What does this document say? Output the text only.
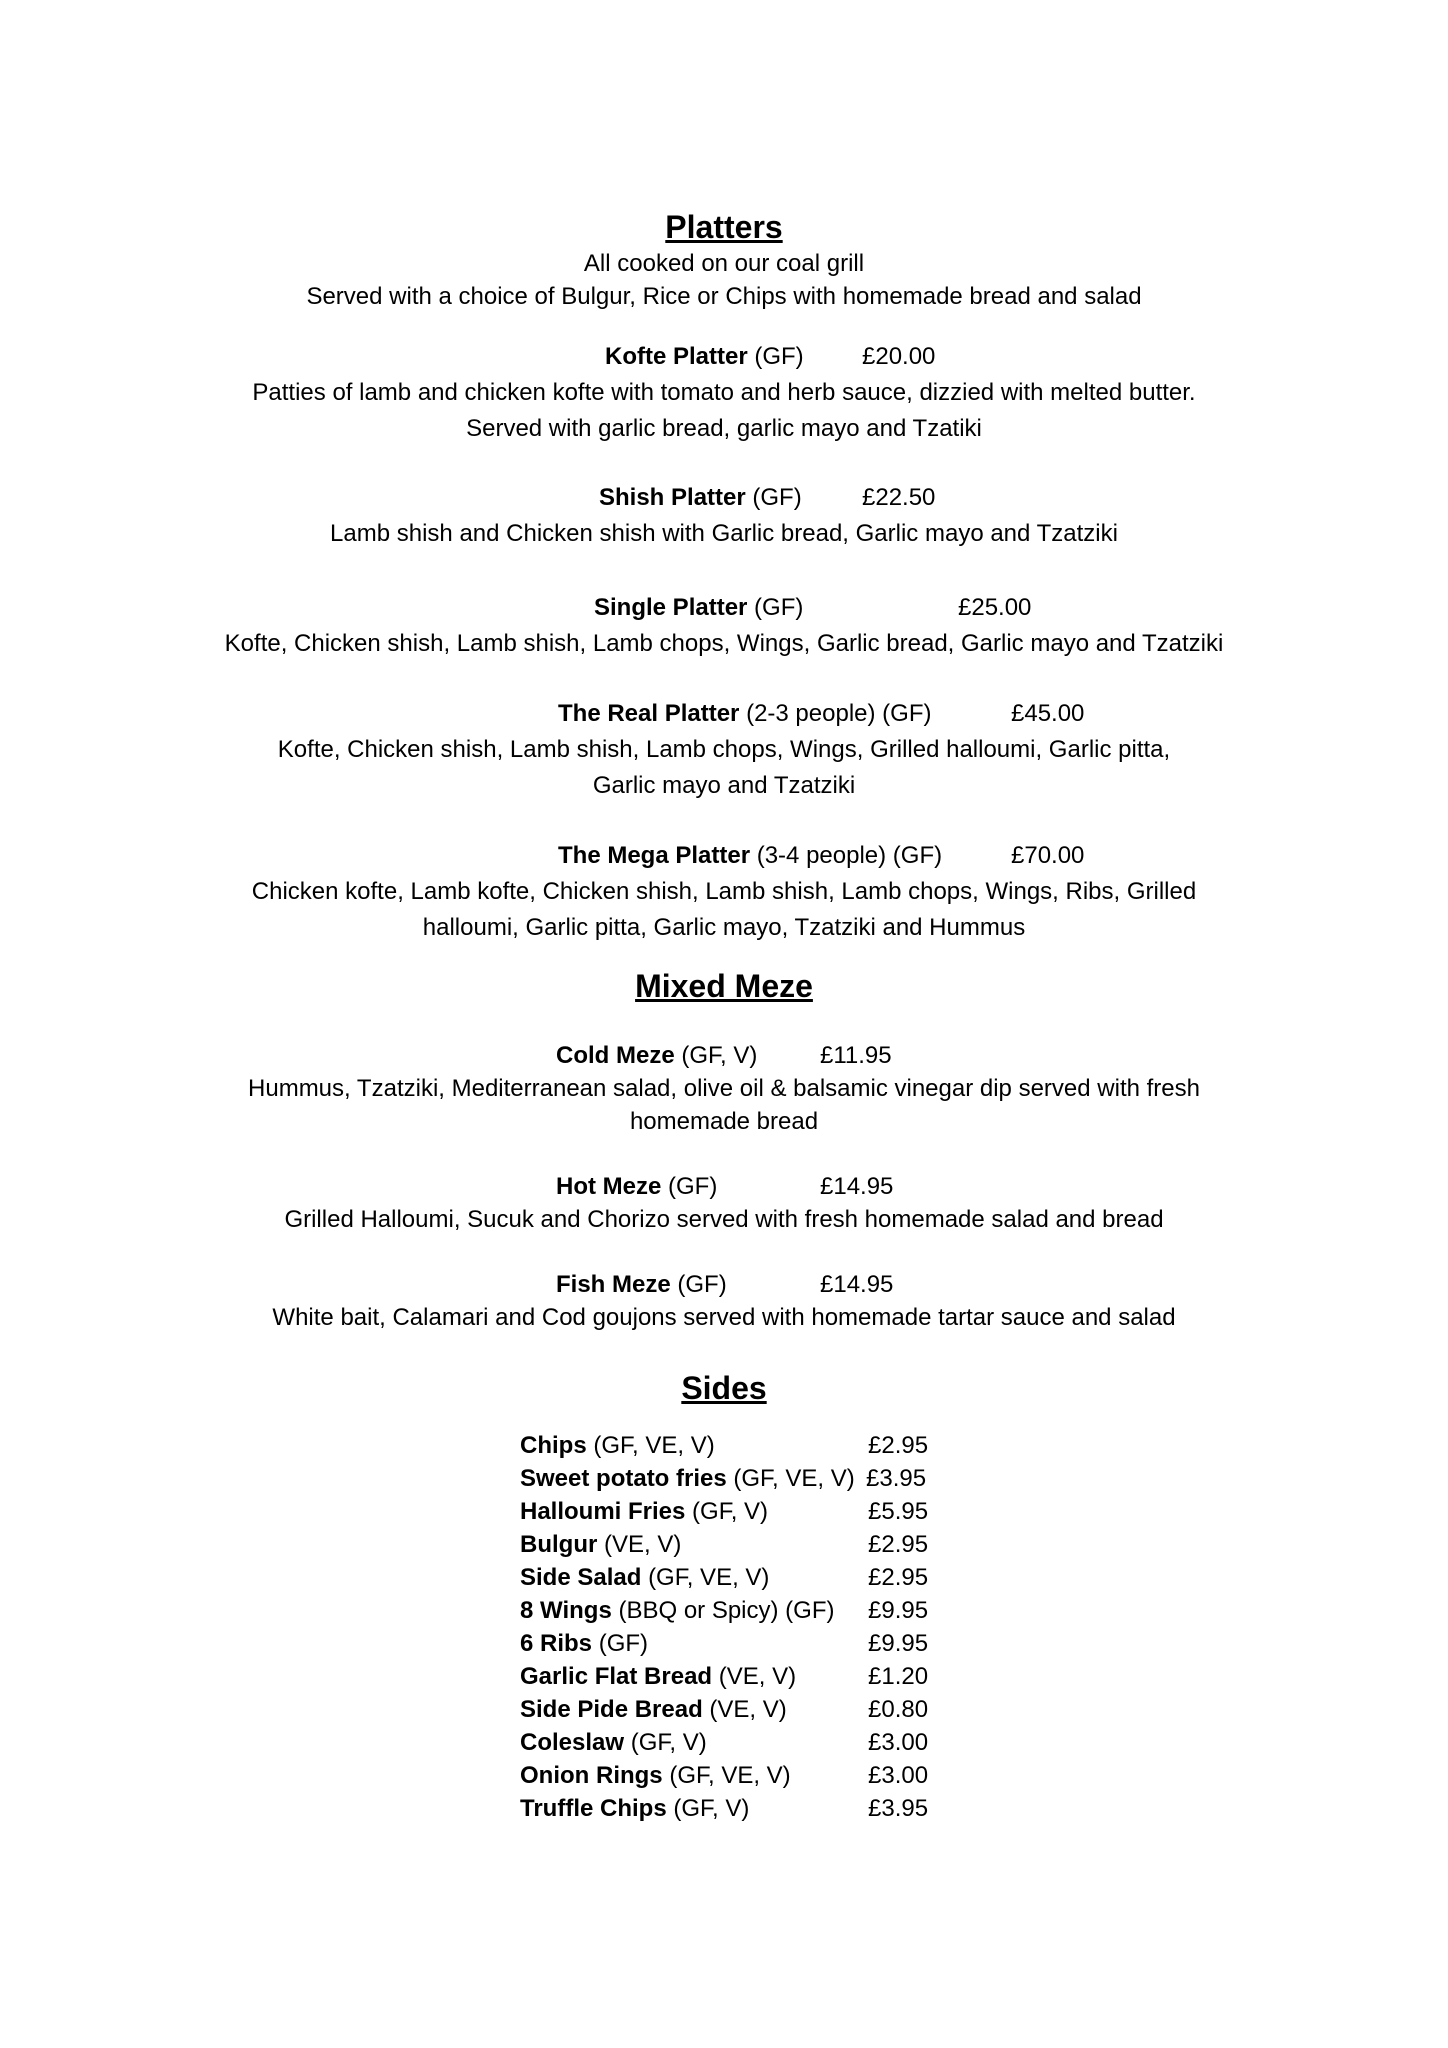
Platters
All cooked on our coal grill
Served with a choice of Bulgur, Rice or Chips with homemade bread and salad
Kofte Platter (GF) £20.00
Patties of lamb and chicken kofte with tomato and herb sauce, dizzied with melted butter.
Served with garlic bread, garlic mayo and Tzatiki
Shish Platter (GF)	£22.50
Lamb shish and Chicken shish with Garlic bread, Garlic mayo and Tzatziki
Single Platter (GF)	£25.00
Kofte, Chicken shish, Lamb shish, Lamb chops, Wings, Garlic bread, Garlic mayo and Tzatziki
The Real Platter (2-3 people) (GF)	£45.00
Kofte, Chicken shish, Lamb shish, Lamb chops, Wings, Grilled halloumi, Garlic pitta,
Garlic mayo and Tzatziki
The Mega Platter (3-4 people) (GF)	£70.00
Chicken kofte, Lamb kofte, Chicken shish, Lamb shish, Lamb chops, Wings, Ribs, Grilled
halloumi, Garlic pitta, Garlic mayo, Tzatziki and Hummus
Mixed Meze
Cold Meze (GF, V)	£11.95
Hummus, Tzatziki, Mediterranean salad, olive oil & balsamic vinegar dip served with fresh
homemade bread
Hot Meze (GF)	£14.95
Grilled Halloumi, Sucuk and Chorizo served with fresh homemade salad and bread
Fish Meze (GF)	£14.95
White bait, Calamari and Cod goujons served with homemade tartar sauce and salad
Sides
Chips (GF, VE, V)	£2.95
Sweet potato fries (GF, VE, V) £3.95
Halloumi Fries (GF, V)	£5.95
Bulgur (VE, V)	£2.95
Side Salad (GF, VE, V)	£2.95
8 Wings (BBQ or Spicy) (GF) £9.95
6 Ribs (GF)	£9.95
Garlic Flat Bread (VE, V)	£1.20
Side Pide Bread (VE, V)	£0.80
Coleslaw (GF, V)	£3.00
Onion Rings (GF, VE, V)	£3.00
Truffle Chips (GF, V)	£3.95
